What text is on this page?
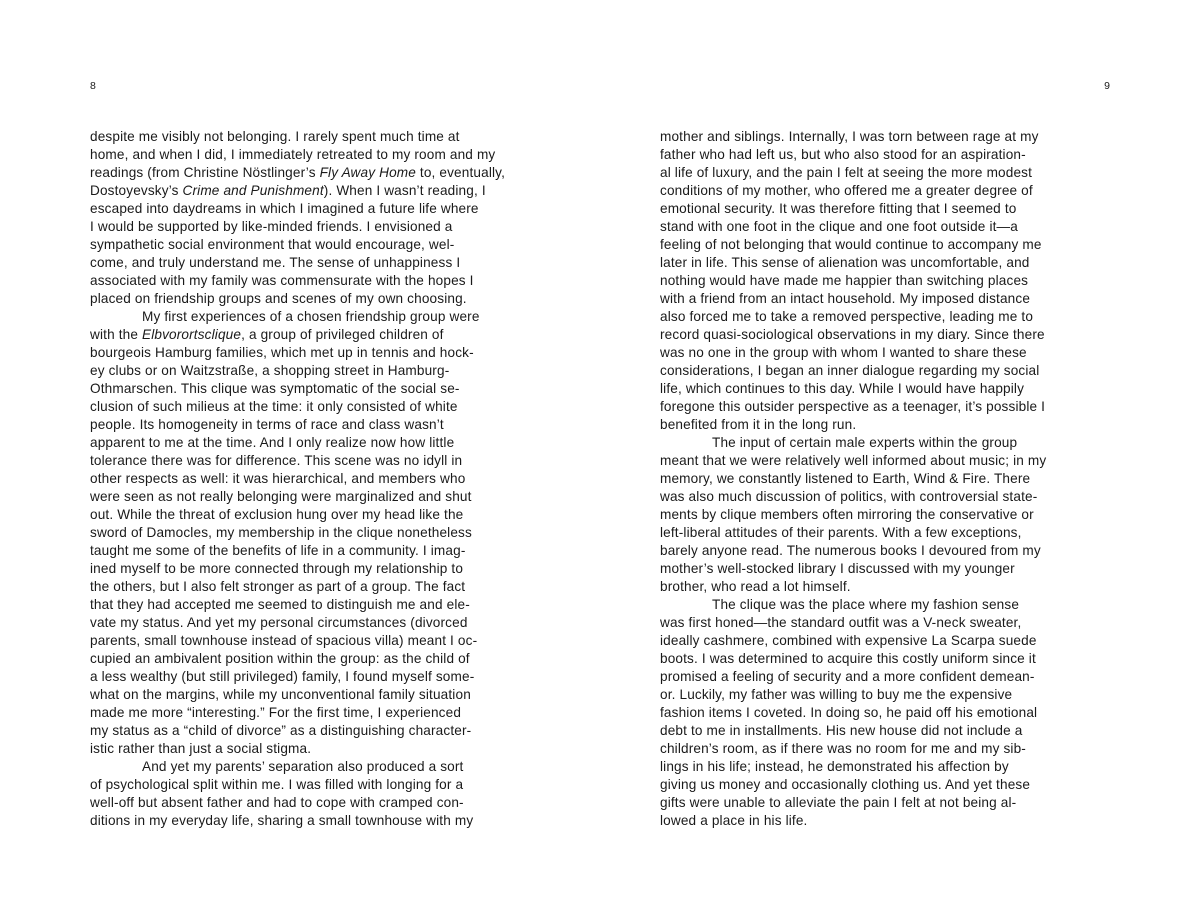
8
despite me visibly not belonging. I rarely spent much time at
home, and when I did, I immediately retreated to my room and my
readings (from Christine Nöstlinger’s Fly Away Home to, eventually,
Dostoyevsky’s Crime and Punishment). When I wasn’t reading, I
escaped into daydreams in which I imagined a future life where
I would be supported by like-minded friends. I envisioned a
sympathetic social environment that would encourage, wel-
come, and truly understand me. The sense of unhappiness I
associated with my family was commensurate with the hopes I
placed on friendship groups and scenes of my own choosing.
My first experiences of a chosen friendship group were
with the Elbvorortsclique, a group of privileged children of
bourgeois Hamburg families, which met up in tennis and hock-
ey clubs or on Waitzstraße, a shopping street in Hamburg-
Othmarschen. This clique was symptomatic of the social se-
clusion of such milieus at the time: it only consisted of white
people. Its homogeneity in terms of race and class wasn’t
apparent to me at the time. And I only realize now how little
tolerance there was for difference. This scene was no idyll in
other respects as well: it was hierarchical, and members who
were seen as not really belonging were marginalized and shut
out. While the threat of exclusion hung over my head like the
sword of Damocles, my membership in the clique nonetheless
taught me some of the benefits of life in a community. I imag-
ined myself to be more connected through my relationship to
the others, but I also felt stronger as part of a group. The fact
that they had accepted me seemed to distinguish me and ele-
vate my status. And yet my personal circumstances (divorced
parents, small townhouse instead of spacious villa) meant I oc-
cupied an ambivalent position within the group: as the child of
a less wealthy (but still privileged) family, I found myself some-
what on the margins, while my unconventional family situation
made me more “interesting.” For the first time, I experienced
my status as a “child of divorce” as a distinguishing character-
istic rather than just a social stigma.
And yet my parents’ separation also produced a sort
of psychological split within me. I was filled with longing for a
well-off but absent father and had to cope with cramped con-
ditions in my everyday life, sharing a small townhouse with my
9
mother and siblings. Internally, I was torn between rage at my
father who had left us, but who also stood for an aspiration-
al life of luxury, and the pain I felt at seeing the more modest
conditions of my mother, who offered me a greater degree of
emotional security. It was therefore fitting that I seemed to
stand with one foot in the clique and one foot outside it—a
feeling of not belonging that would continue to accompany me
later in life. This sense of alienation was uncomfortable, and
nothing would have made me happier than switching places
with a friend from an intact household. My imposed distance
also forced me to take a removed perspective, leading me to
record quasi-sociological observations in my diary. Since there
was no one in the group with whom I wanted to share these
considerations, I began an inner dialogue regarding my social
life, which continues to this day. While I would have happily
foregone this outsider perspective as a teenager, it’s possible I
benefited from it in the long run.
The input of certain male experts within the group
meant that we were relatively well informed about music; in my
memory, we constantly listened to Earth, Wind & Fire. There
was also much discussion of politics, with controversial state-
ments by clique members often mirroring the conservative or
left-liberal attitudes of their parents. With a few exceptions,
barely anyone read. The numerous books I devoured from my
mother’s well-stocked library I discussed with my younger
brother, who read a lot himself.
The clique was the place where my fashion sense
was first honed—the standard outfit was a V-neck sweater,
ideally cashmere, combined with expensive La Scarpa suede
boots. I was determined to acquire this costly uniform since it
promised a feeling of security and a more confident demean-
or. Luckily, my father was willing to buy me the expensive
fashion items I coveted. In doing so, he paid off his emotional
debt to me in installments. His new house did not include a
children’s room, as if there was no room for me and my sib-
lings in his life; instead, he demonstrated his affection by
giving us money and occasionally clothing us. And yet these
gifts were unable to alleviate the pain I felt at not being al-
lowed a place in his life.
